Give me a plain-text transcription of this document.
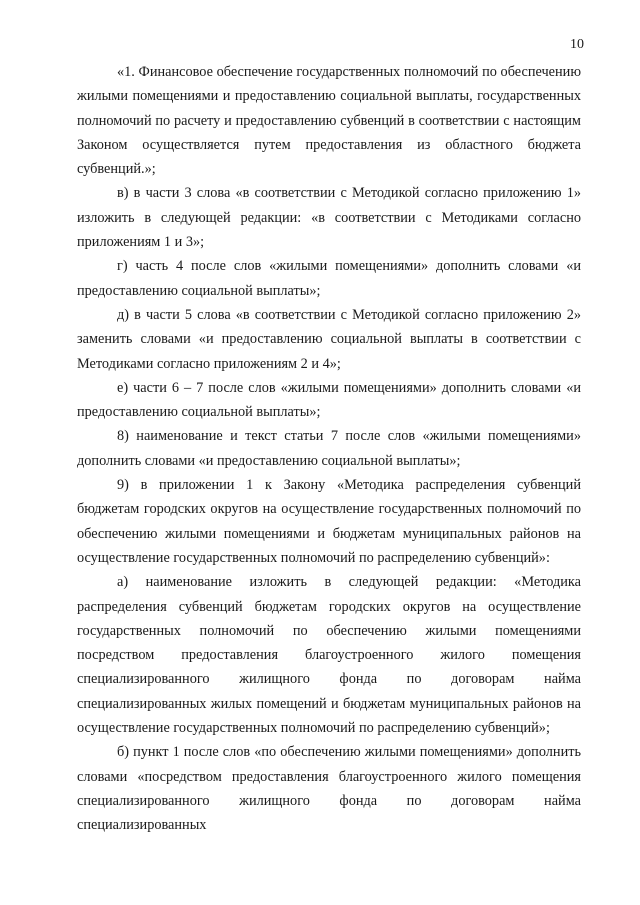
10

«1. Финансовое обеспечение государственных полномочий по обеспечению жилыми помещениями и предоставлению социальной выплаты, государственных полномочий по расчету и предоставлению субвенций в соответствии с настоящим Законом осуществляется путем предоставления из областного бюджета субвенций.»;

в) в части 3 слова «в соответствии с Методикой согласно приложению 1» изложить в следующей редакции: «в соответствии с Методиками согласно приложениям 1 и 3»;

г) часть 4 после слов «жилыми помещениями» дополнить словами «и предоставлению социальной выплаты»;

д) в части 5 слова «в соответствии с Методикой согласно приложению 2» заменить словами «и предоставлению социальной выплаты в соответствии с Методиками согласно приложениям 2 и 4»;

е) части 6 – 7 после слов «жилыми помещениями» дополнить словами «и предоставлению социальной выплаты»;

8) наименование и текст статьи 7 после слов «жилыми помещениями» дополнить словами «и предоставлению социальной выплаты»;

9) в приложении 1 к Закону «Методика распределения субвенций бюджетам городских округов на осуществление государственных полномочий по обеспечению жилыми помещениями и бюджетам муниципальных районов на осуществление государственных полномочий по распределению субвенций»:

а) наименование изложить в следующей редакции: «Методика распределения субвенций бюджетам городских округов на осуществление государственных полномочий по обеспечению жилыми помещениями посредством предоставления благоустроенного жилого помещения специализированного жилищного фонда по договорам найма специализированных жилых помещений и бюджетам муниципальных районов на осуществление государственных полномочий по распределению субвенций»;

б) пункт 1 после слов «по обеспечению жилыми помещениями» дополнить словами «посредством предоставления благоустроенного жилого помещения специализированного жилищного фонда по договорам найма специализированных
